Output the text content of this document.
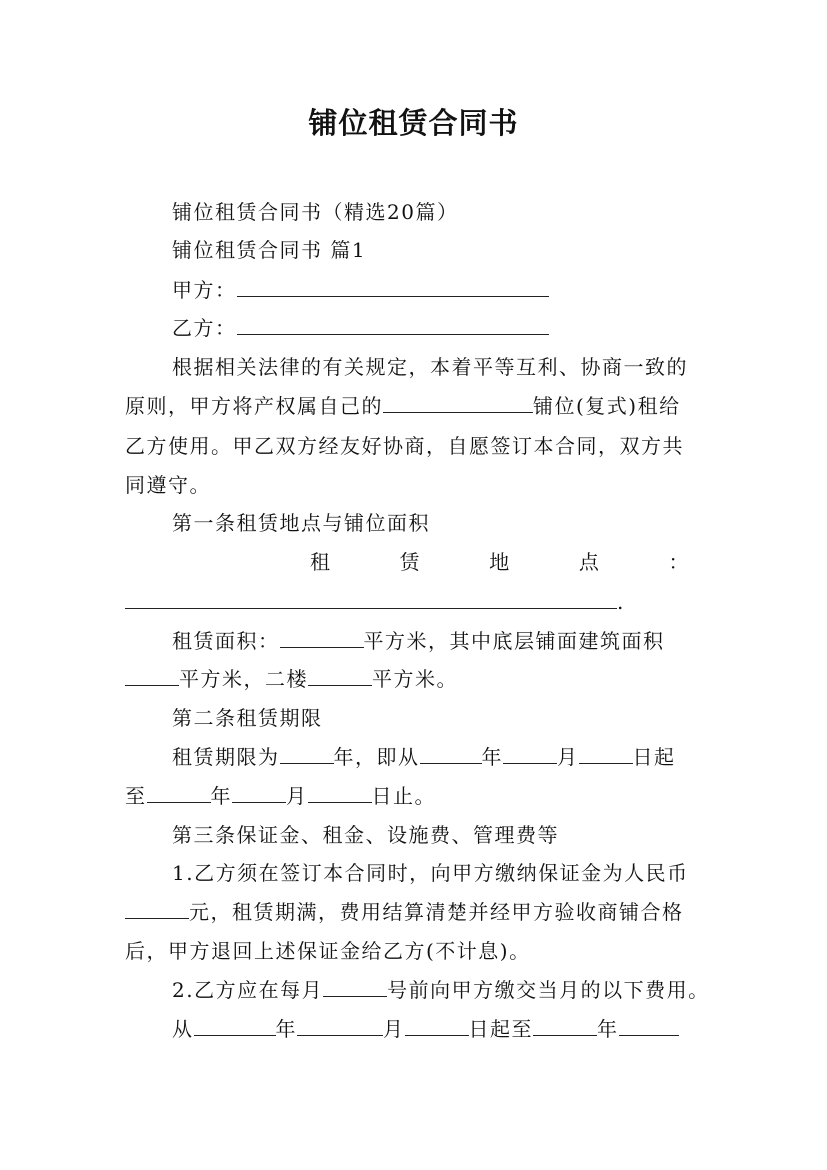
铺位租赁合同书
铺位租赁合同书（精选20篇）
铺位租赁合同书 篇1
甲方：
乙方：
根据相关法律的有关规定，本着平等互利、协商一致的
原则，甲方将产权属自己的	铺位(复式)租给
乙方使用。甲乙双方经友好协商，自愿签订本合同，双方共
同遵守。
第一条租赁地点与铺位面积
租	赁	地	点	：
.
租赁面积：	平方米，其中底层铺面建筑面积
平方米，二楼	平方米。
第二条租赁期限
租赁期限为	年，即从	年	月	日起
至	年	月	日止。
第三条保证金、租金、设施费、管理费等
1.乙方须在签订本合同时，向甲方缴纳保证金为人民币
元，租赁期满，费用结算清楚并经甲方验收商铺合格
后，甲方退回上述保证金给乙方(不计息)。
2.乙方应在每月	号前向甲方缴交当月的以下费用。
从	年	月	日起至	年
